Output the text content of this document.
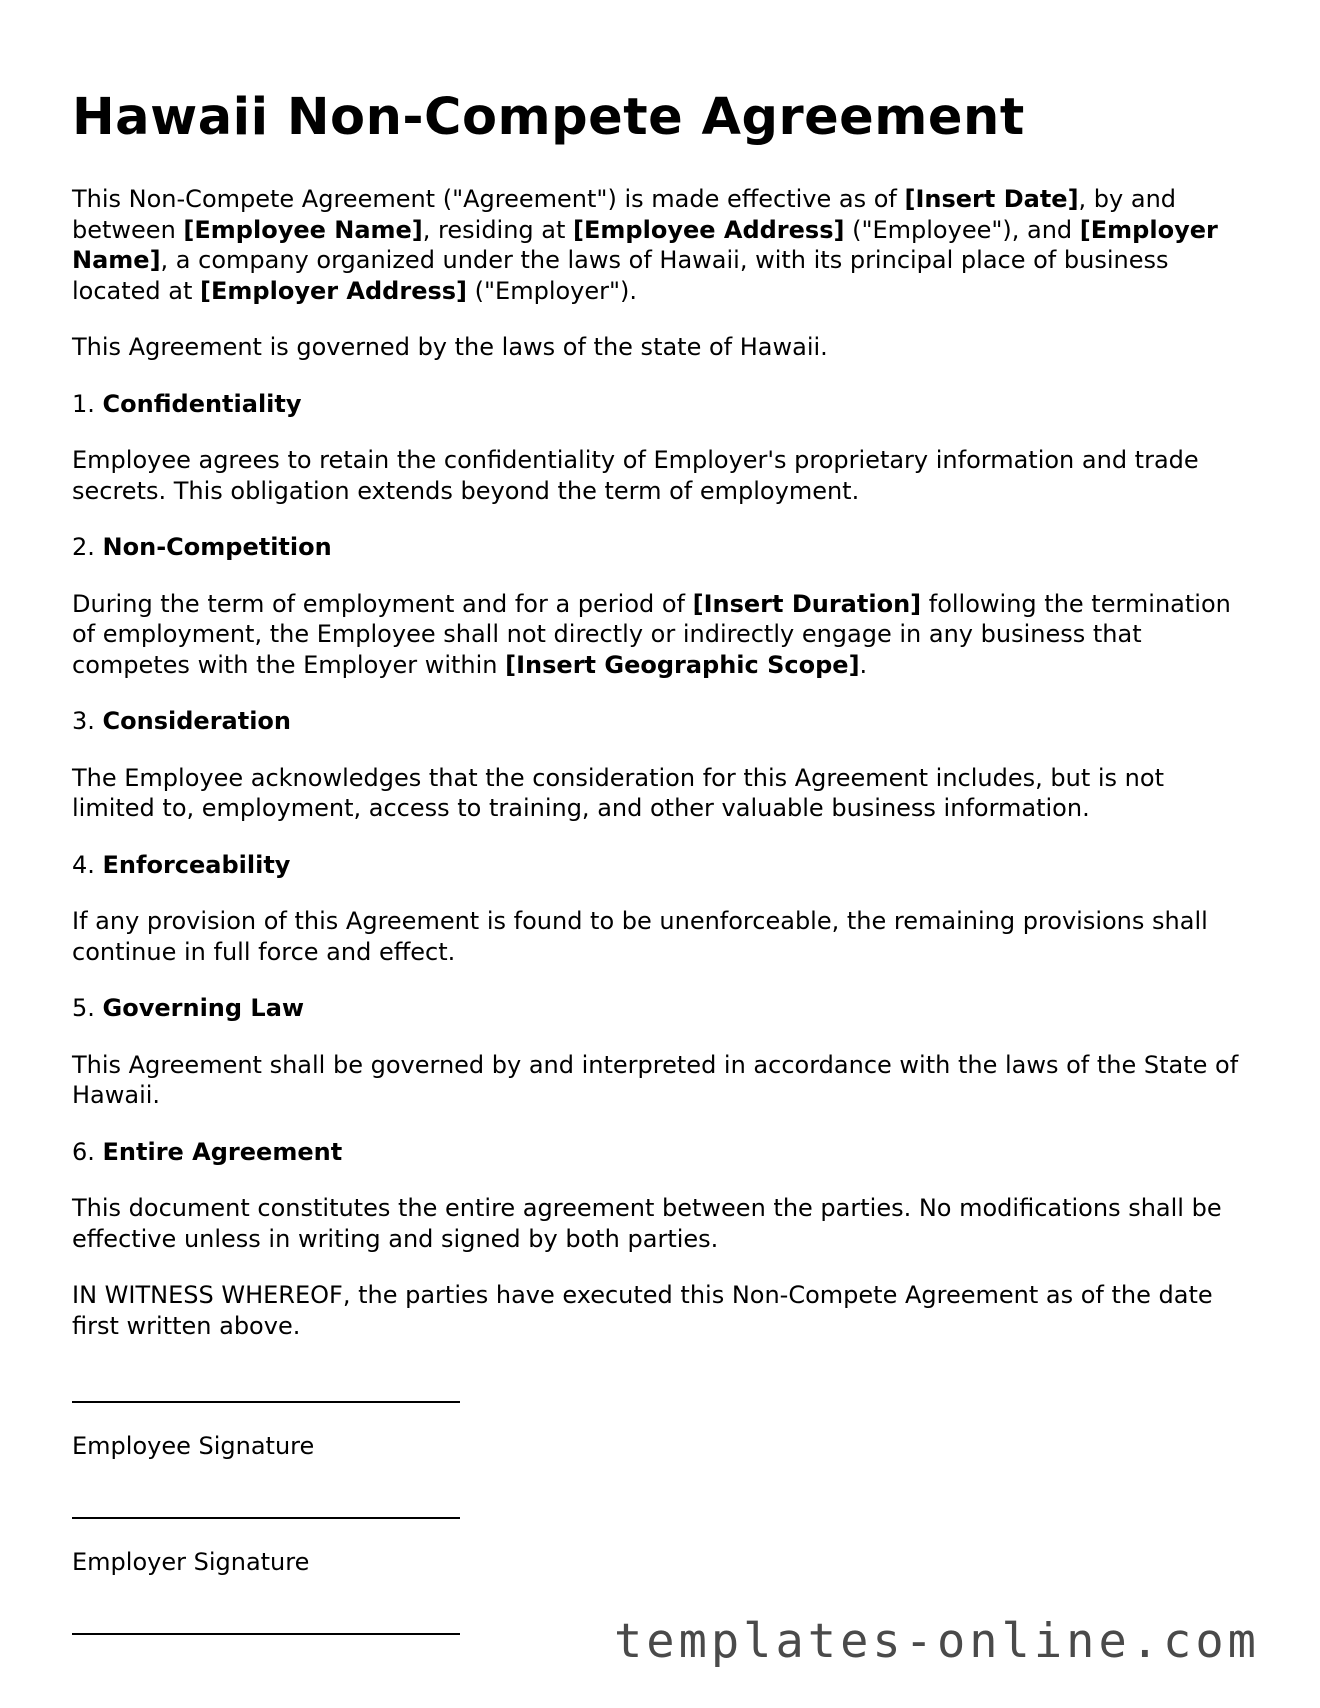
Hawaii Non-Compete Agreement

This Non-Compete Agreement ("Agreement") is made effective as of [Insert Date], by and between [Employee Name], residing at [Employee Address] ("Employee"), and [Employer Name], a company organized under the laws of Hawaii, with its principal place of business located at [Employer Address] ("Employer").

This Agreement is governed by the laws of the state of Hawaii.

1. Confidentiality

Employee agrees to retain the confidentiality of Employer's proprietary information and trade secrets. This obligation extends beyond the term of employment.

2. Non-Competition

During the term of employment and for a period of [Insert Duration] following the termination of employment, the Employee shall not directly or indirectly engage in any business that competes with the Employer within [Insert Geographic Scope].

3. Consideration

The Employee acknowledges that the consideration for this Agreement includes, but is not limited to, employment, access to training, and other valuable business information.

4. Enforceability

If any provision of this Agreement is found to be unenforceable, the remaining provisions shall continue in full force and effect.

5. Governing Law

This Agreement shall be governed by and interpreted in accordance with the laws of the State of Hawaii.

6. Entire Agreement

This document constitutes the entire agreement between the parties. No modifications shall be effective unless in writing and signed by both parties.

IN WITNESS WHEREOF, the parties have executed this Non-Compete Agreement as of the date first written above.

Employee Signature
Employer Signature
templates-online.com
